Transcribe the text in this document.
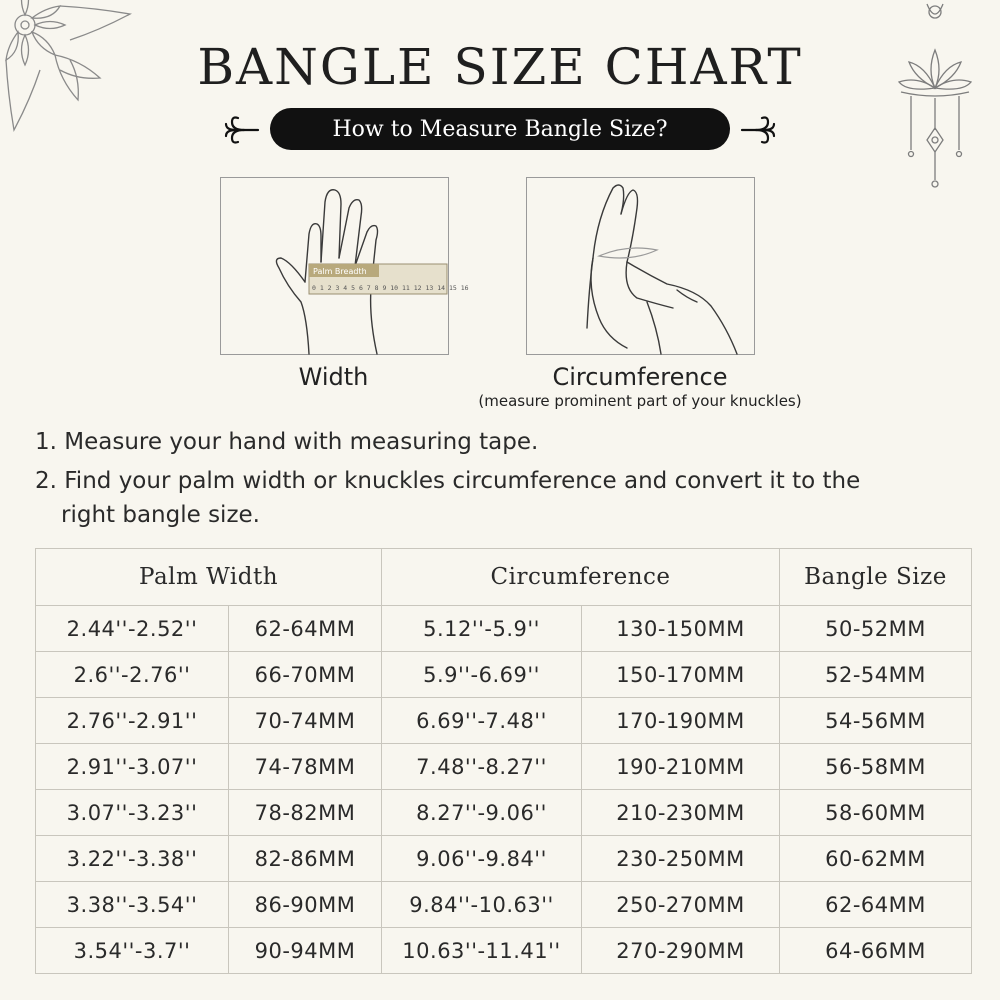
BANGLE SIZE CHART
How to Measure Bangle Size?
Palm Breadth
0 1 2 3 4 5 6 7 8 9 10 11 12 13 14 15 16
Width	Circumference
(measure prominent part of your knuckles)
1. Measure your hand with measuring tape.
2. Find your palm width or knuckles circumference and convert it to the
right bangle size.
Palm Width		Circumference		Bangle Size
2.44''-2.52''	62-64MM	5.12''-5.9''	130-150MM	50-52MM
2.6''-2.76''	66-70MM	5.9''-6.69''	150-170MM	52-54MM
2.76''-2.91''	70-74MM	6.69''-7.48''	170-190MM	54-56MM
2.91''-3.07''	74-78MM	7.48''-8.27''	190-210MM	56-58MM
3.07''-3.23''	78-82MM	8.27''-9.06''	210-230MM	58-60MM
3.22''-3.38''	82-86MM	9.06''-9.84''	230-250MM	60-62MM
3.38''-3.54''	86-90MM	9.84''-10.63''	250-270MM	62-64MM
3.54''-3.7''	90-94MM	10.63''-11.41''	270-290MM	64-66MM
